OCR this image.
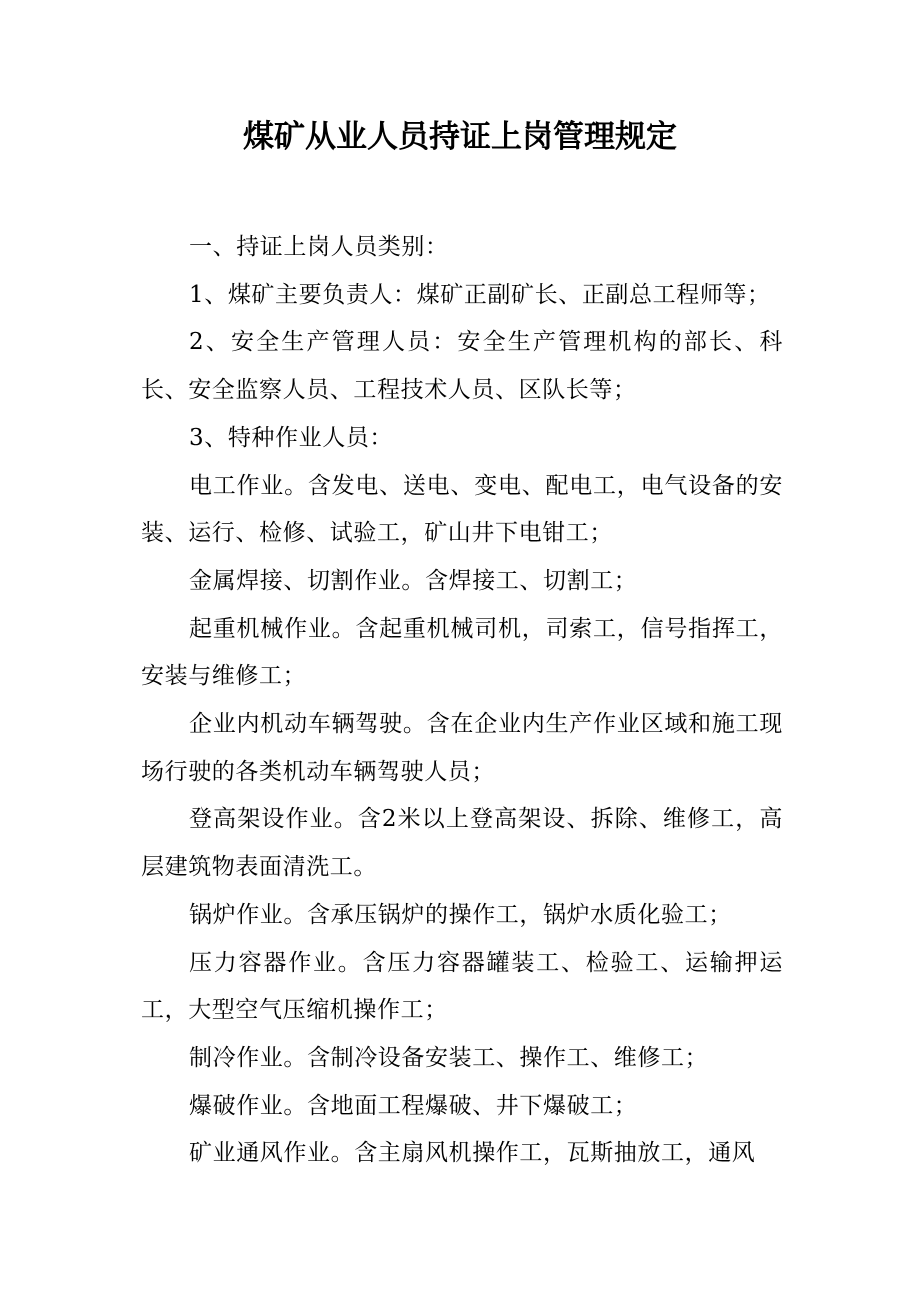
煤矿从业人员持证上岗管理规定

一、持证上岗人员类别：

1、煤矿主要负责人：煤矿正副矿长、正副总工程师等；

2、安全生产管理人员：安全生产管理机构的部长、科长、安全监察人员、工程技术人员、区队长等；

3、特种作业人员：

电工作业。含发电、送电、变电、配电工，电气设备的安装、运行、检修、试验工，矿山井下电钳工；

金属焊接、切割作业。含焊接工、切割工；

起重机械作业。含起重机械司机，司索工，信号指挥工，安装与维修工；

企业内机动车辆驾驶。含在企业内生产作业区域和施工现场行驶的各类机动车辆驾驶人员；

登高架设作业。含2米以上登高架设、拆除、维修工，高层建筑物表面清洗工。

锅炉作业。含承压锅炉的操作工，锅炉水质化验工；

压力容器作业。含压力容器罐装工、检验工、运输押运工，大型空气压缩机操作工；

制冷作业。含制冷设备安装工、操作工、维修工；

爆破作业。含地面工程爆破、井下爆破工；

矿业通风作业。含主扇风机操作工，瓦斯抽放工，通风
